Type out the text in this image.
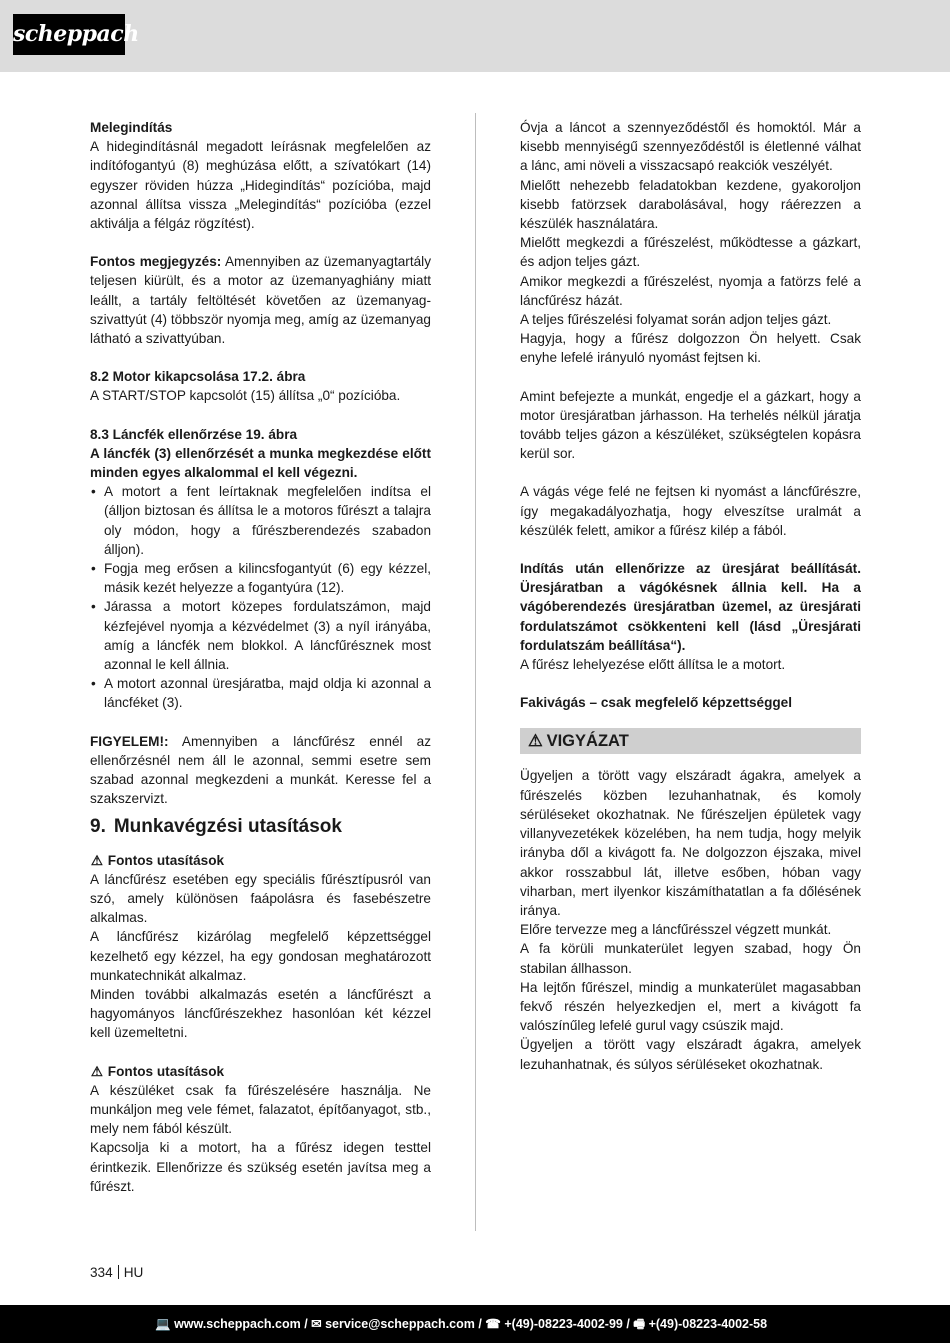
scheppach

Melegindítás

A hidegindításnál megadott leírásnak megfelelően az indítófogantyú (8) meghúzása előtt, a szívatókart (14) egyszer röviden húzza „Hidegindítás“ pozícióba, majd azonnal állítsa vissza „Melegindítás“ pozícióba (ezzel aktiválja a félgáz rögzítést).

Fontos megjegyzés: Amennyiben az üzemanyagtartály teljesen kiürült, és a motor az üzemanyaghiány miatt leállt, a tartály feltöltését követően az üzemanyag-szivattyút (4) többször nyomja meg, amíg az üzemanyag látható a szivattyúban.

8.2 Motor kikapcsolása 17.2. ábra

A START/STOP kapcsolót (15) állítsa „0“ pozícióba.

8.3 Láncfék ellenőrzése 19. ábra

A láncfék (3) ellenőrzését a munka megkezdése előtt minden egyes alkalommal el kell végezni.

• A motort a fent leírtaknak megfelelően indítsa el (álljon biztosan és állítsa le a motoros fűrészt a talajra oly módon, hogy a fűrészberendezés szabadon álljon).
• Fogja meg erősen a kilincsfogantyút (6) egy kézzel, másik kezét helyezze a fogantyúra (12).
• Járassa a motort közepes fordulatszámon, majd kézfejével nyomja a kézvédelmet (3) a nyíl irányába, amíg a láncfék nem blokkol. A láncfűrésznek most azonnal le kell állnia.
• A motort azonnal üresjáratba, majd oldja ki azonnal a láncféket (3).

FIGYELEM!: Amennyiben a láncfűrész ennél az ellenőrzésnél nem áll le azonnal, semmi esetre sem szabad azonnal megkezdeni a munkát. Keresse fel a szakszervizt.

9. Munkavégzési utasítások

⚠ Fontos utasítások

A láncfűrész esetében egy speciális fűrésztípusról van szó, amely különösen faápolásra és fasebészetre alkalmas.

A láncfűrész kizárólag megfelelő képzettséggel kezelhető egy kézzel, ha egy gondosan meghatározott munkatechnikát alkalmaz.

Minden további alkalmazás esetén a láncfűrészt a hagyományos láncfűrészekhez hasonlóan két kézzel kell üzemeltetni.

⚠ Fontos utasítások

A készüléket csak fa fűrészelésére használja. Ne munkáljon meg vele fémet, falazatot, építőanyagot, stb., mely nem fából készült.

Kapcsolja ki a motort, ha a fűrész idegen testtel érintkezik. Ellenőrizze és szükség esetén javítsa meg a fűrészt.

Óvja a láncot a szennyeződéstől és homoktól. Már a kisebb mennyiségű szennyeződéstől is életlenné válhat a lánc, ami növeli a visszacsapó reakciók veszélyét.

Mielőtt nehezebb feladatokban kezdene, gyakoroljon kisebb fatörzsek darabolásával, hogy ráérezzen a készülék használatára.

Mielőtt megkezdi a fűrészelést, működtesse a gázkart, és adjon teljes gázt.

Amikor megkezdi a fűrészelést, nyomja a fatörzs felé a láncfűrész házát.

A teljes fűrészelési folyamat során adjon teljes gázt.

Hagyja, hogy a fűrész dolgozzon Ön helyett. Csak enyhe lefelé irányuló nyomást fejtsen ki.

Amint befejezte a munkát, engedje el a gázkart, hogy a motor üresjáratban járhasson. Ha terhelés nélkül járatja tovább teljes gázon a készüléket, szükségtelen kopásra kerül sor.

A vágás vége felé ne fejtsen ki nyomást a láncfűrészre, így megakadályozhatja, hogy elveszítse uralmát a készülék felett, amikor a fűrész kilép a fából.

Indítás után ellenőrizze az üresjárat beállítását. Üresjáratban a vágókésnek állnia kell. Ha a vágóberendezés üresjáratban üzemel, az üresjárati fordulatszámot csökkenteni kell (lásd „Üresjárati fordulatszám beállítása“).

A fűrész lehelyezése előtt állítsa le a motort.

Fakivágás – csak megfelelő képzettséggel

⚠ VIGYÁZAT

Ügyeljen a törött vagy elszáradt ágakra, amelyek a fűrészelés közben lezuhanhatnak, és komoly sérüléseket okozhatnak. Ne fűrészeljen épületek vagy villanyvezetékek közelében, ha nem tudja, hogy melyik irányba dől a kivágott fa. Ne dolgozzon éjszaka, mivel akkor rosszabbul lát, illetve esőben, hóban vagy viharban, mert ilyenkor kiszámíthatatlan a fa dőlésének iránya.

Előre tervezze meg a láncfűrésszel végzett munkát.

A fa körüli munkaterület legyen szabad, hogy Ön stabilan állhasson.

Ha lejtőn fűrészel, mindig a munkaterület magasabban fekvő részén helyezkedjen el, mert a kivágott fa valószínűleg lefelé gurul vagy csúszik majd.

Ügyeljen a törött vagy elszáradt ágakra, amelyek lezuhanhatnak, és súlyos sérüléseket okozhatnak.

334 HU
💻 www.scheppach.com / ✉ service@scheppach.com / ☎ +(49)-08223-4002-99 / 🖷 +(49)-08223-4002-58
